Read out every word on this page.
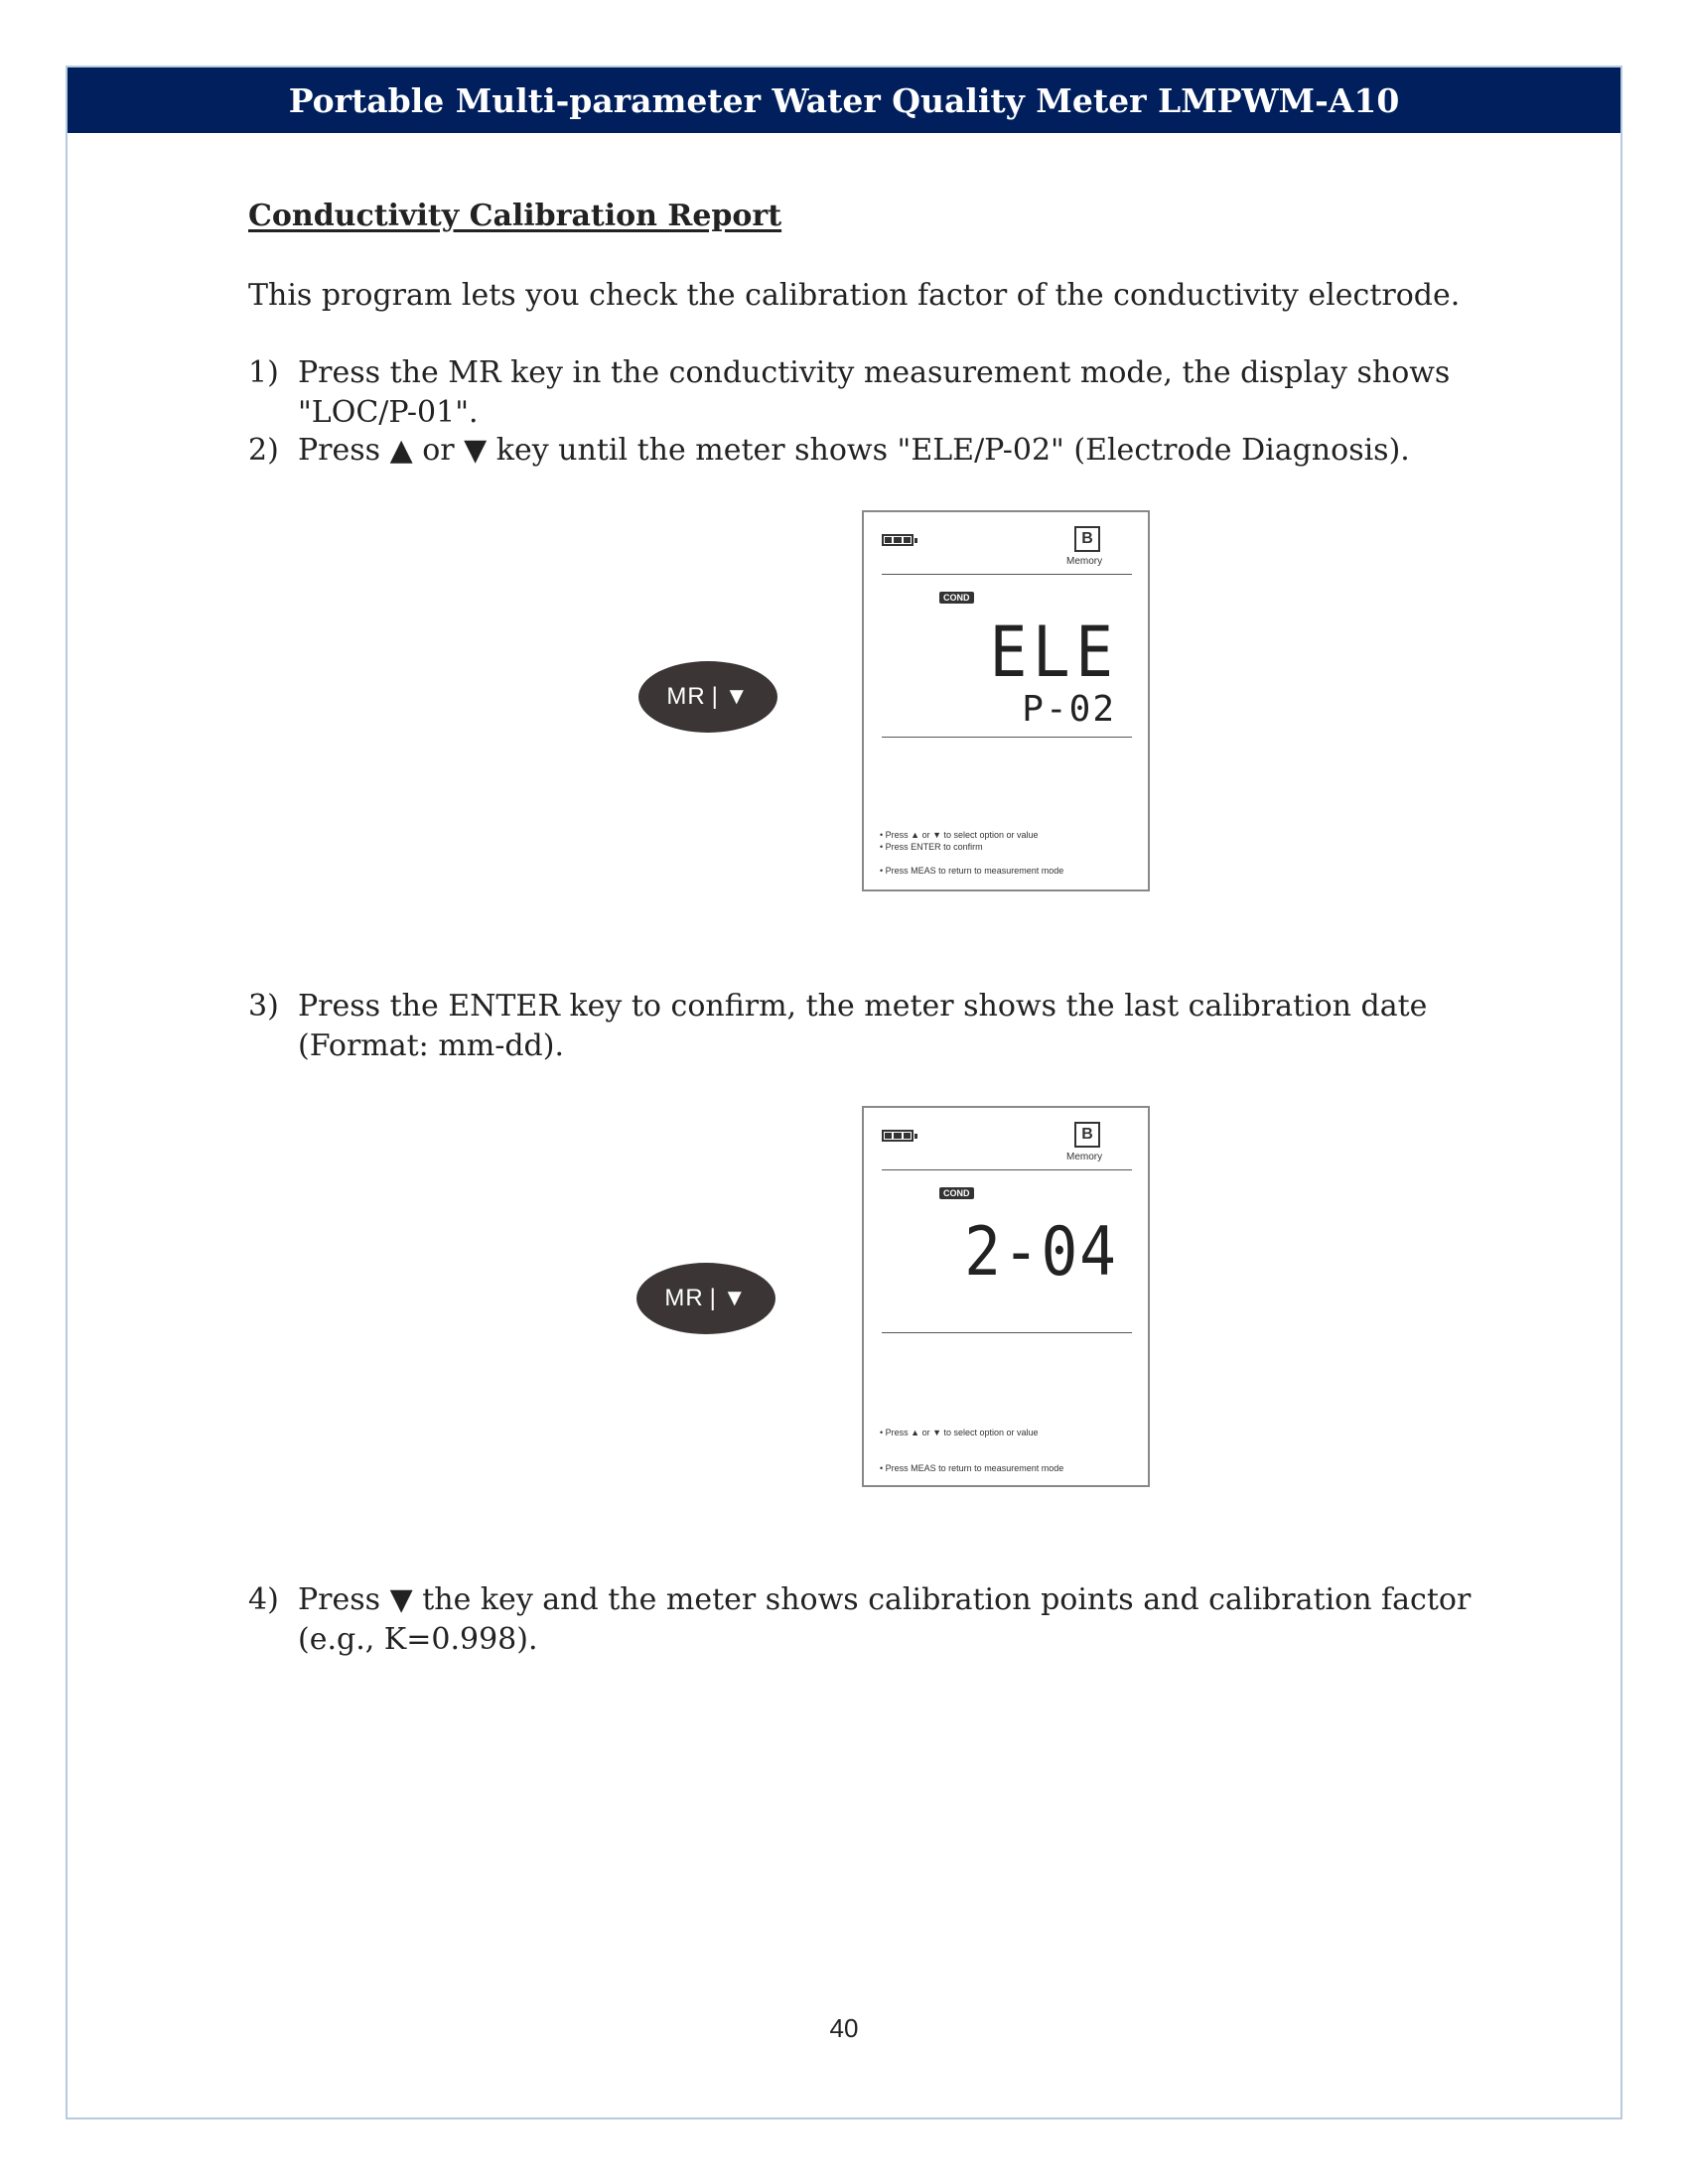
Portable Multi-parameter Water Quality Meter LMPWM-A10
Conductivity Calibration Report
This program lets you check the calibration factor of the conductivity electrode.
1) Press the MR key in the conductivity measurement mode, the display shows "LOC/P-01".
2) Press ▲ or ▼ key until the meter shows "ELE/P-02" (Electrode Diagnosis).
MR | ▼
B
Memory
COND
ELE
P-02
• Press ▲ or ▼ to select option or value
• Press ENTER to confirm
• Press MEAS to return to measurement mode
3) Press the ENTER key to confirm, the meter shows the last calibration date (Format: mm-dd).
MR | ▼
B
Memory
COND
2-04
• Press ▲ or ▼ to select option or value
• Press MEAS to return to measurement mode
4) Press ▼ the key and the meter shows calibration points and calibration factor (e.g., K=0.998).
40
